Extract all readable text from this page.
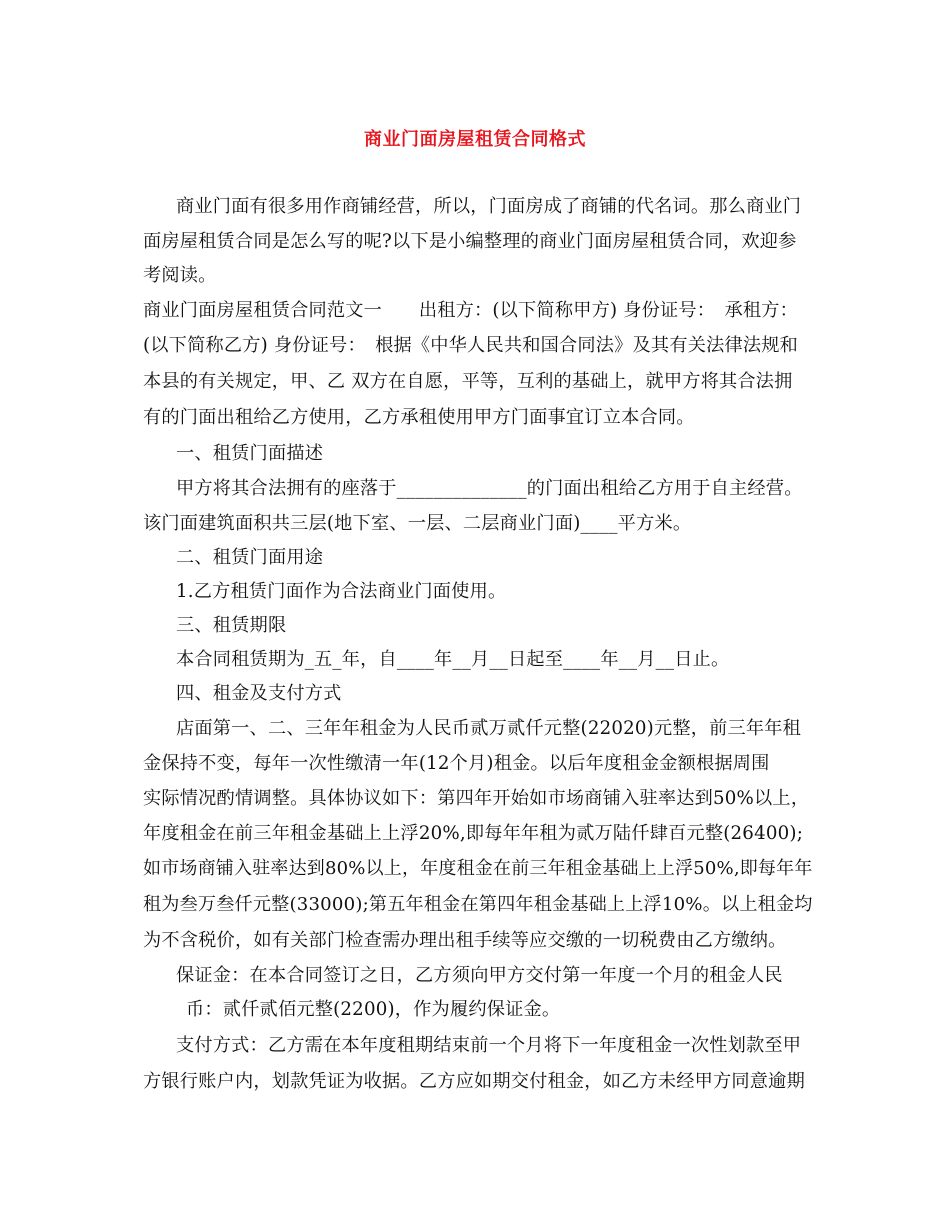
商业门面房屋租赁合同格式
商业门面有很多用作商铺经营，所以，门面房成了商铺的代名词。那么商业门
面房屋租赁合同是怎么写的呢?以下是小编整理的商业门面房屋租赁合同，欢迎参
考阅读。
商业门面房屋租赁合同范文一　　出租方：(以下简称甲方) 身份证号：　承租方：
(以下简称乙方) 身份证号：　根据《中华人民共和国合同法》及其有关法律法规和
本县的有关规定，甲、乙 双方在自愿，平等，互利的基础上，就甲方将其合法拥
有的门面出租给乙方使用，乙方承租使用甲方门面事宜订立本合同。
一、租赁门面描述
甲方将其合法拥有的座落于______________的门面出租给乙方用于自主经营。
该门面建筑面积共三层(地下室、一层、二层商业门面)____平方米。
二、租赁门面用途
1.乙方租赁门面作为合法商业门面使用。
三、租赁期限
本合同租赁期为_五_年，自____年__月__日起至____年__月__日止。
四、租金及支付方式
店面第一、二、三年年租金为人民币贰万贰仟元整(22020)元整，前三年年租
金保持不变，每年一次性缴清一年(12个月)租金。以后年度租金金额根据周围
实际情况酌情调整。具体协议如下：第四年开始如市场商铺入驻率达到50%以上，
年度租金在前三年租金基础上上浮20%,即每年年租为贰万陆仟肆百元整(26400);
如市场商铺入驻率达到80%以上，年度租金在前三年租金基础上上浮50%,即每年年
租为叁万叁仟元整(33000);第五年租金在第四年租金基础上上浮10%。以上租金均
为不含税价，如有关部门检查需办理出租手续等应交缴的一切税费由乙方缴纳。
保证金：在本合同签订之日，乙方须向甲方交付第一年度一个月的租金人民
币：贰仟贰佰元整(2200)，作为履约保证金。
支付方式：乙方需在本年度租期结束前一个月将下一年度租金一次性划款至甲
方银行账户内，划款凭证为收据。乙方应如期交付租金，如乙方未经甲方同意逾期
